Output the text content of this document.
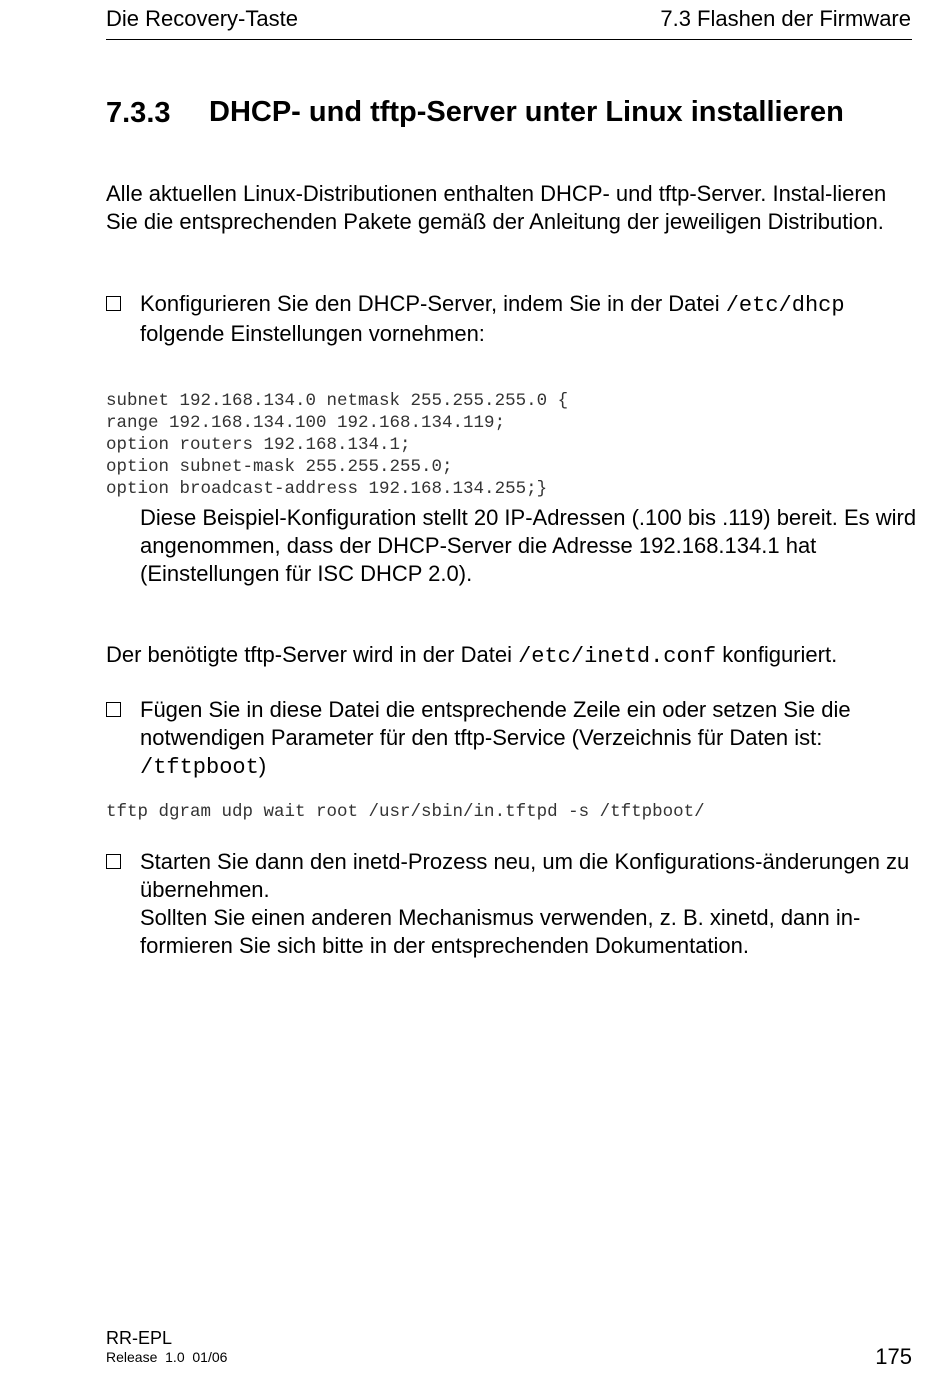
Die Recovery-Taste	7.3 Flashen der Firmware
7.3.3 DHCP- und tftp-Server unter Linux installieren
Alle aktuellen Linux-Distributionen enthalten DHCP- und tftp-Server. Instal-lieren Sie die entsprechenden Pakete gemäß der Anleitung der jeweiligen Distribution.
Konfigurieren Sie den DHCP-Server, indem Sie in der Datei /etc/dhcp folgende Einstellungen vornehmen:

subnet 192.168.134.0 netmask 255.255.255.0 {
range 192.168.134.100 192.168.134.119;
option routers 192.168.134.1;
option subnet-mask 255.255.255.0;
option broadcast-address 192.168.134.255;}

Diese Beispiel-Konfiguration stellt 20 IP-Adressen (.100 bis .119) bereit. Es wird angenommen, dass der DHCP-Server die Adresse 192.168.134.1 hat (Einstellungen für ISC DHCP 2.0).
Der benötigte tftp-Server wird in der Datei /etc/inetd.conf konfiguriert.
Fügen Sie in diese Datei die entsprechende Zeile ein oder setzen Sie die notwendigen Parameter für den tftp-Service (Verzeichnis für Daten ist: /tftpboot)
tftp dgram udp wait root /usr/sbin/in.tftpd -s /tftpboot/
Starten Sie dann den inetd-Prozess neu, um die Konfigurations-änderungen zu übernehmen.
Sollten Sie einen anderen Mechanismus verwenden, z. B. xinetd, dann in-formieren Sie sich bitte in der entsprechenden Dokumentation.
RR-EPL
Release  1.0  01/06	175
